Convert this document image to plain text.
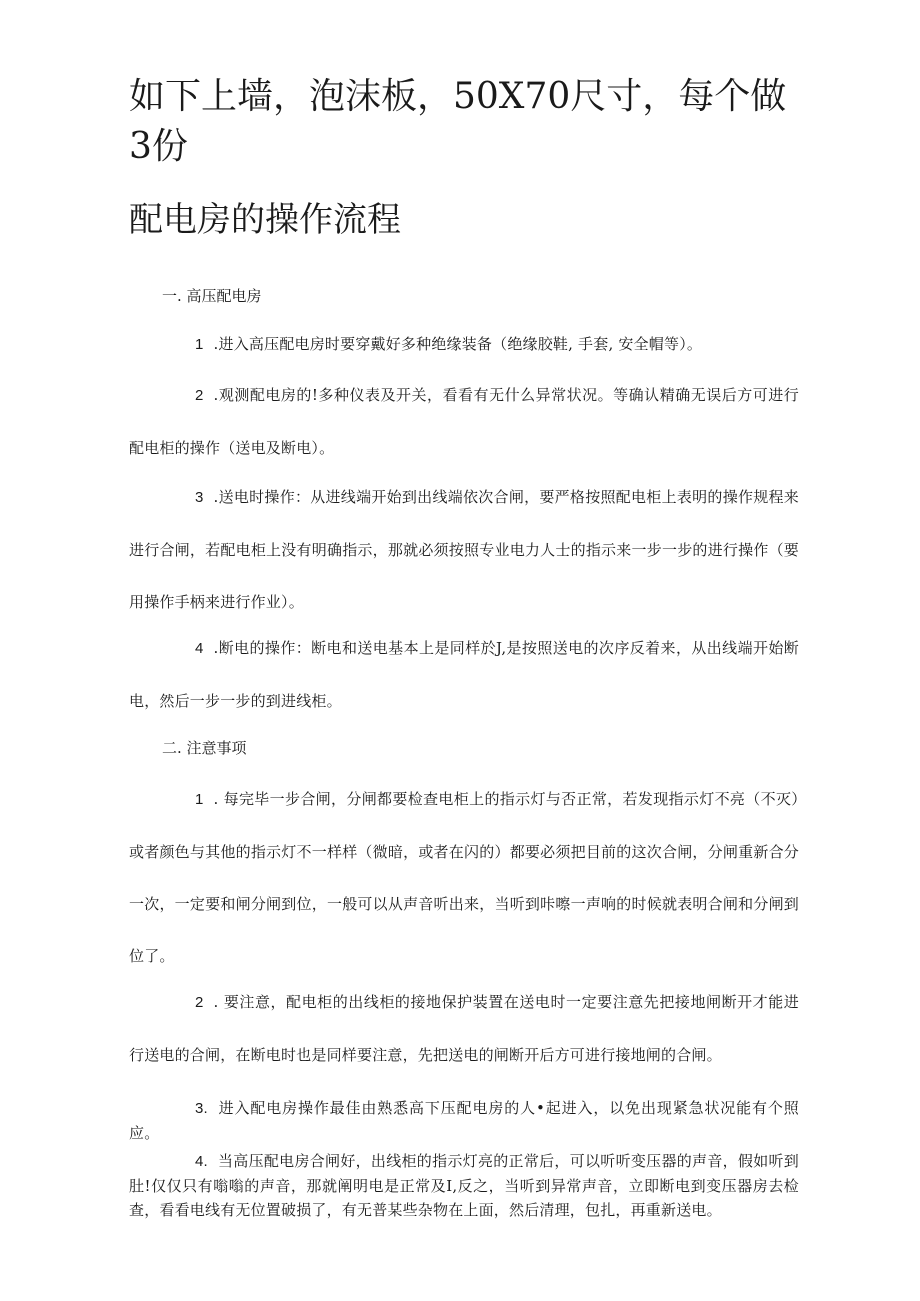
如下上墙，泡沫板，50X70尺寸，每个做3份

配电房的操作流程

一. 高压配电房

1 .进入高压配电房时要穿戴好多种绝缘装备（绝缘胶鞋, 手套, 安全帽等）。

2 .观测配电房的!多种仪表及开关，看看有无什么异常状况。等确认精确无误后方可进行配电柜的操作（送电及断电）。

3 .送电时操作：从进线端开始到出线端依次合闸，要严格按照配电柜上表明的操作规程来进行合闸，若配电柜上没有明确指示，那就必须按照专业电力人士的指示来一步一步的进行操作（要用操作手柄来进行作业）。

4 .断电的操作：断电和送电基本上是同样於J,是按照送电的次序反着来，从出线端开始断电，然后一步一步的到进线柜。

二. 注意事项

1 . 每完毕一步合闸，分闸都要检查电柜上的指示灯与否正常，若发现指示灯不亮（不灭）或者颜色与其他的指示灯不一样样（微暗，或者在闪的）都要必须把目前的这次合闸，分闸重新合分一次，一定要和闸分闸到位，一般可以从声音听出来，当听到咔嚓一声响的时候就表明合闸和分闸到位了。

2 . 要注意，配电柜的出线柜的接地保护装置在送电时一定要注意先把接地闸断开才能进行送电的合闸，在断电时也是同样要注意，先把送电的闸断开后方可进行接地闸的合闸。

3. 进入配电房操作最佳由熟悉高下压配电房的人•起进入，以免出现紧急状况能有个照应。

4. 当高压配电房合闸好，出线柜的指示灯亮的正常后，可以听听变压器的声音，假如听到肚!仅仅只有嗡嗡的声音，那就阐明电是正常及I,反之，当听到异常声音，立即断电到变压器房去检查，看看电线有无位置破损了，有无普某些杂物在上面，然后清理，包扎，再重新送电。
